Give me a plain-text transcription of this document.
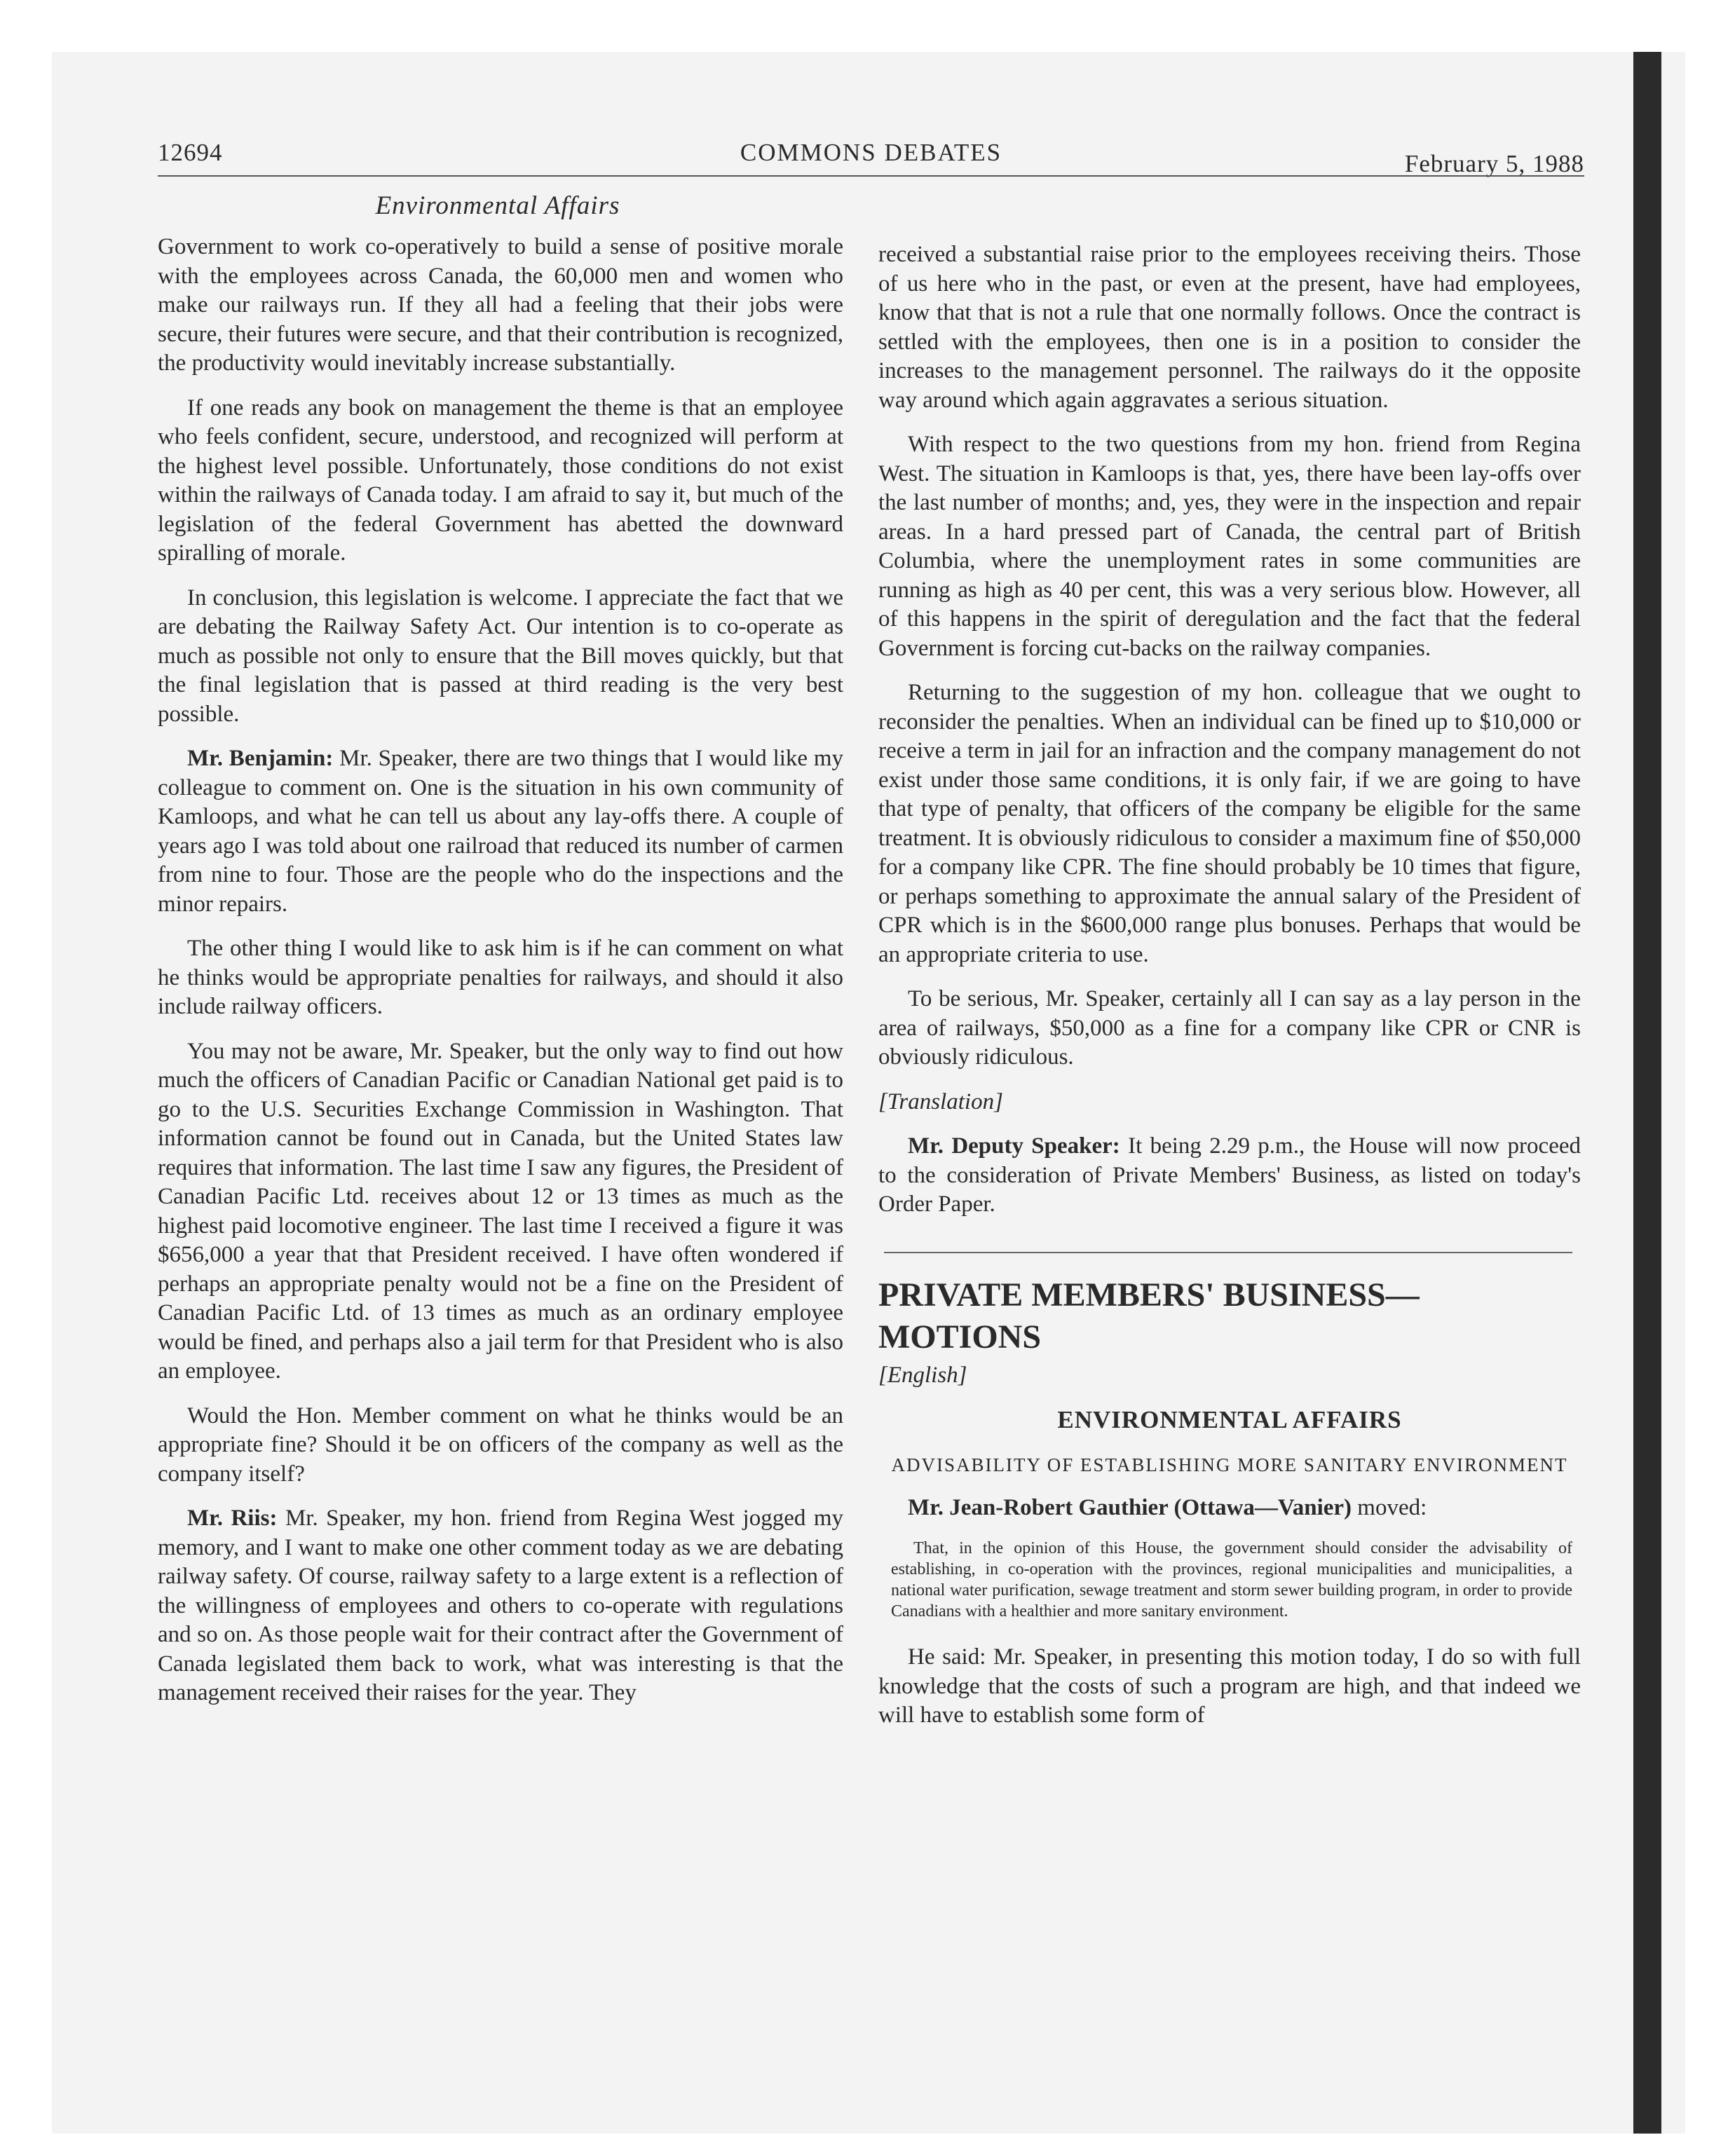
12694	COMMONS DEBATES	February 5, 1988
Environmental Affairs

Government to work co-operatively to build a sense of positive morale with the employees across Canada, the 60,000 men and women who make our railways run. If they all had a feeling that their jobs were secure, their futures were secure, and that their contribution is recognized, the productivity would inevitably increase substantially.

If one reads any book on management the theme is that an employee who feels confident, secure, understood, and recognized will perform at the highest level possible. Unfortunately, those conditions do not exist within the railways of Canada today. I am afraid to say it, but much of the legislation of the federal Government has abetted the downward spiralling of morale.

In conclusion, this legislation is welcome. I appreciate the fact that we are debating the Railway Safety Act. Our intention is to co-operate as much as possible not only to ensure that the Bill moves quickly, but that the final legislation that is passed at third reading is the very best possible.

Mr. Benjamin: Mr. Speaker, there are two things that I would like my colleague to comment on. One is the situation in his own community of Kamloops, and what he can tell us about any lay-offs there. A couple of years ago I was told about one railroad that reduced its number of carmen from nine to four. Those are the people who do the inspections and the minor repairs.

The other thing I would like to ask him is if he can comment on what he thinks would be appropriate penalties for railways, and should it also include railway officers.

You may not be aware, Mr. Speaker, but the only way to find out how much the officers of Canadian Pacific or Canadian National get paid is to go to the U.S. Securities Exchange Commission in Washington. That information cannot be found out in Canada, but the United States law requires that information. The last time I saw any figures, the President of Canadian Pacific Ltd. receives about 12 or 13 times as much as the highest paid locomotive engineer. The last time I received a figure it was $656,000 a year that that President received. I have often wondered if perhaps an appropriate penalty would not be a fine on the President of Canadian Pacific Ltd. of 13 times as much as an ordinary employee would be fined, and perhaps also a jail term for that President who is also an employee.

Would the Hon. Member comment on what he thinks would be an appropriate fine? Should it be on officers of the company as well as the company itself?

Mr. Riis: Mr. Speaker, my hon. friend from Regina West jogged my memory, and I want to make one other comment today as we are debating railway safety. Of course, railway safety to a large extent is a reflection of the willingness of employees and others to co-operate with regulations and so on. As those people wait for their contract after the Government of Canada legislated them back to work, what was interesting is that the management received their raises for the year. They

received a substantial raise prior to the employees receiving theirs. Those of us here who in the past, or even at the present, have had employees, know that that is not a rule that one normally follows. Once the contract is settled with the employees, then one is in a position to consider the increases to the management personnel. The railways do it the opposite way around which again aggravates a serious situation.

With respect to the two questions from my hon. friend from Regina West. The situation in Kamloops is that, yes, there have been lay-offs over the last number of months; and, yes, they were in the inspection and repair areas. In a hard pressed part of Canada, the central part of British Columbia, where the unemployment rates in some communities are running as high as 40 per cent, this was a very serious blow. However, all of this happens in the spirit of deregulation and the fact that the federal Government is forcing cut-backs on the railway companies.

Returning to the suggestion of my hon. colleague that we ought to reconsider the penalties. When an individual can be fined up to $10,000 or receive a term in jail for an infraction and the company management do not exist under those same conditions, it is only fair, if we are going to have that type of penalty, that officers of the company be eligible for the same treatment. It is obviously ridiculous to consider a maximum fine of $50,000 for a company like CPR. The fine should probably be 10 times that figure, or perhaps something to approximate the annual salary of the President of CPR which is in the $600,000 range plus bonuses. Perhaps that would be an appropriate criteria to use.

To be serious, Mr. Speaker, certainly all I can say as a lay person in the area of railways, $50,000 as a fine for a company like CPR or CNR is obviously ridiculous.

[Translation]

Mr. Deputy Speaker: It being 2.29 p.m., the House will now proceed to the consideration of Private Members' Business, as listed on today's Order Paper.

PRIVATE MEMBERS' BUSINESS—MOTIONS

[English]

ENVIRONMENTAL AFFAIRS
ADVISABILITY OF ESTABLISHING MORE SANITARY ENVIRONMENT

Mr. Jean-Robert Gauthier (Ottawa—Vanier) moved:

That, in the opinion of this House, the government should consider the advisability of establishing, in co-operation with the provinces, regional municipalities and municipalities, a national water purification, sewage treatment and storm sewer building program, in order to provide Canadians with a healthier and more sanitary environment.

He said: Mr. Speaker, in presenting this motion today, I do so with full knowledge that the costs of such a program are high, and that indeed we will have to establish some form of
